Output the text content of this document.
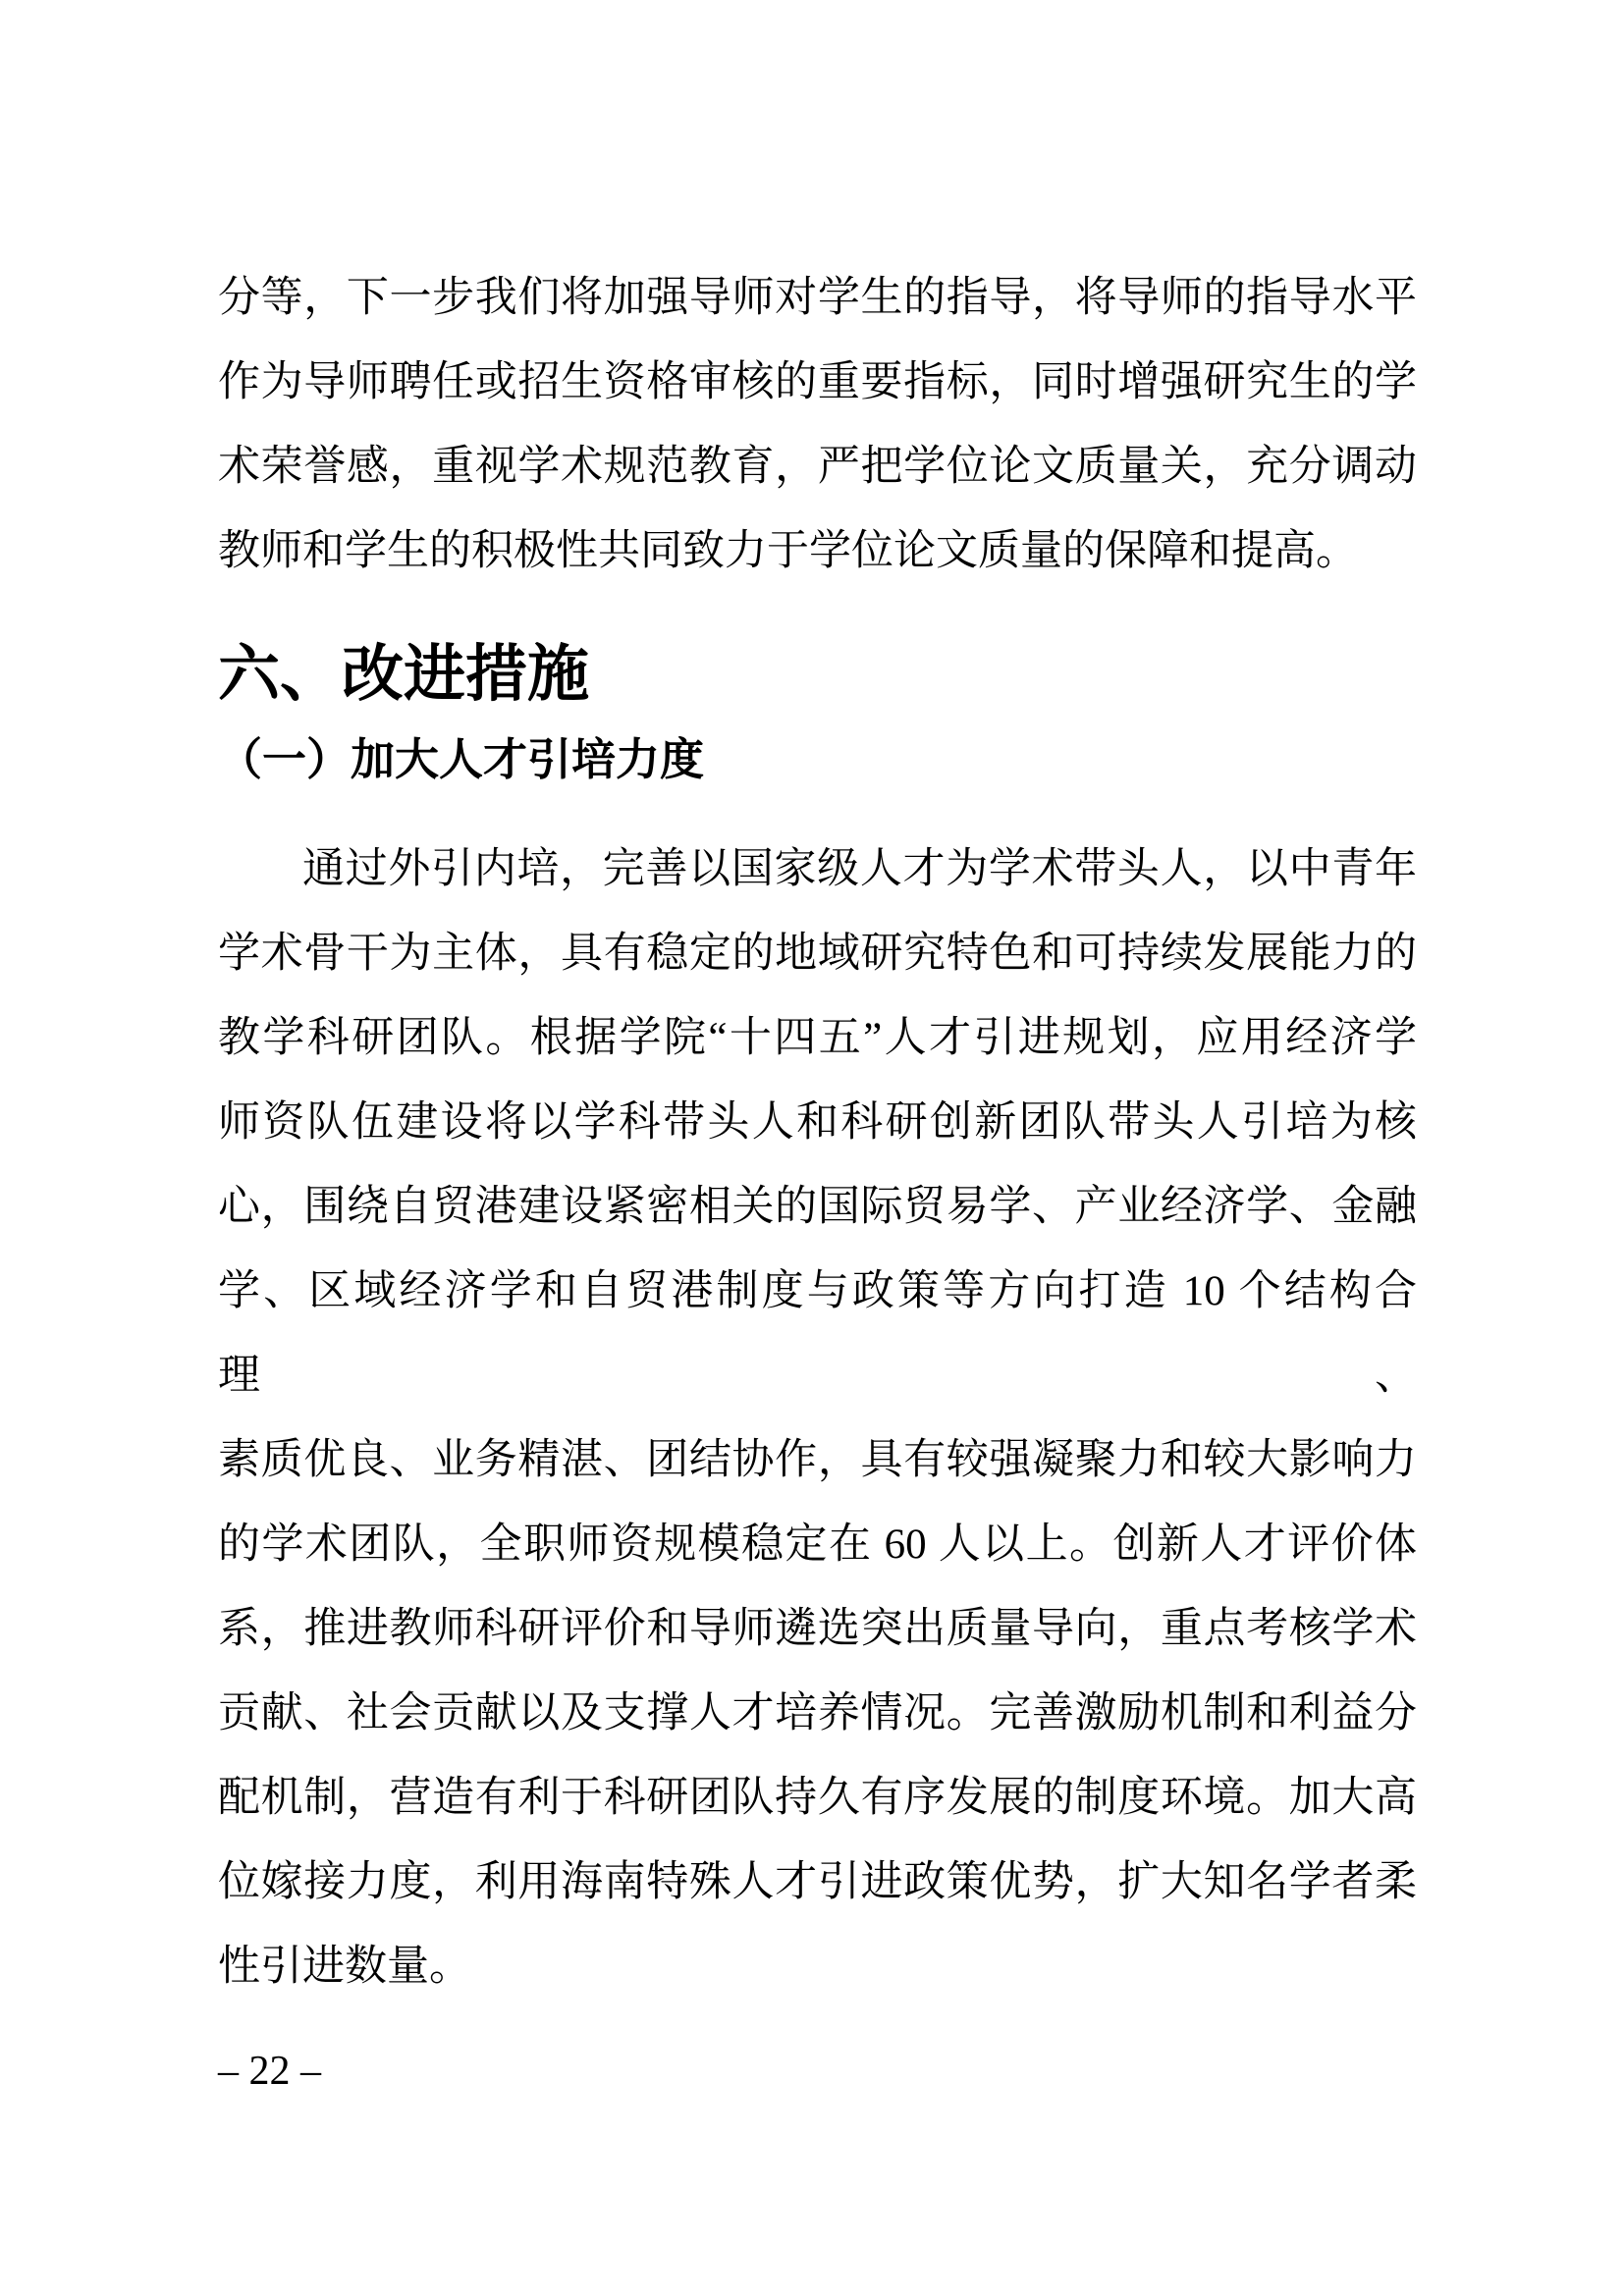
分等，下一步我们将加强导师对学生的指导，将导师的指导水平
作为导师聘任或招生资格审核的重要指标，同时增强研究生的学
术荣誉感，重视学术规范教育，严把学位论文质量关，充分调动
教师和学生的积极性共同致力于学位论文质量的保障和提高。
六、改进措施
（一）加大人才引培力度
通过外引内培，完善以国家级人才为学术带头人，以中青年
学术骨干为主体，具有稳定的地域研究特色和可持续发展能力的
教学科研团队。根据学院“十四五”人才引进规划，应用经济学
师资队伍建设将以学科带头人和科研创新团队带头人引培为核
心，围绕自贸港建设紧密相关的国际贸易学、产业经济学、金融
学、区域经济学和自贸港制度与政策等方向打造 10 个结构合理、
素质优良、业务精湛、团结协作，具有较强凝聚力和较大影响力
的学术团队，全职师资规模稳定在 60 人以上。创新人才评价体
系，推进教师科研评价和导师遴选突出质量导向，重点考核学术
贡献、社会贡献以及支撑人才培养情况。完善激励机制和利益分
配机制，营造有利于科研团队持久有序发展的制度环境。加大高
位嫁接力度，利用海南特殊人才引进政策优势，扩大知名学者柔
性引进数量。
– 22 –
